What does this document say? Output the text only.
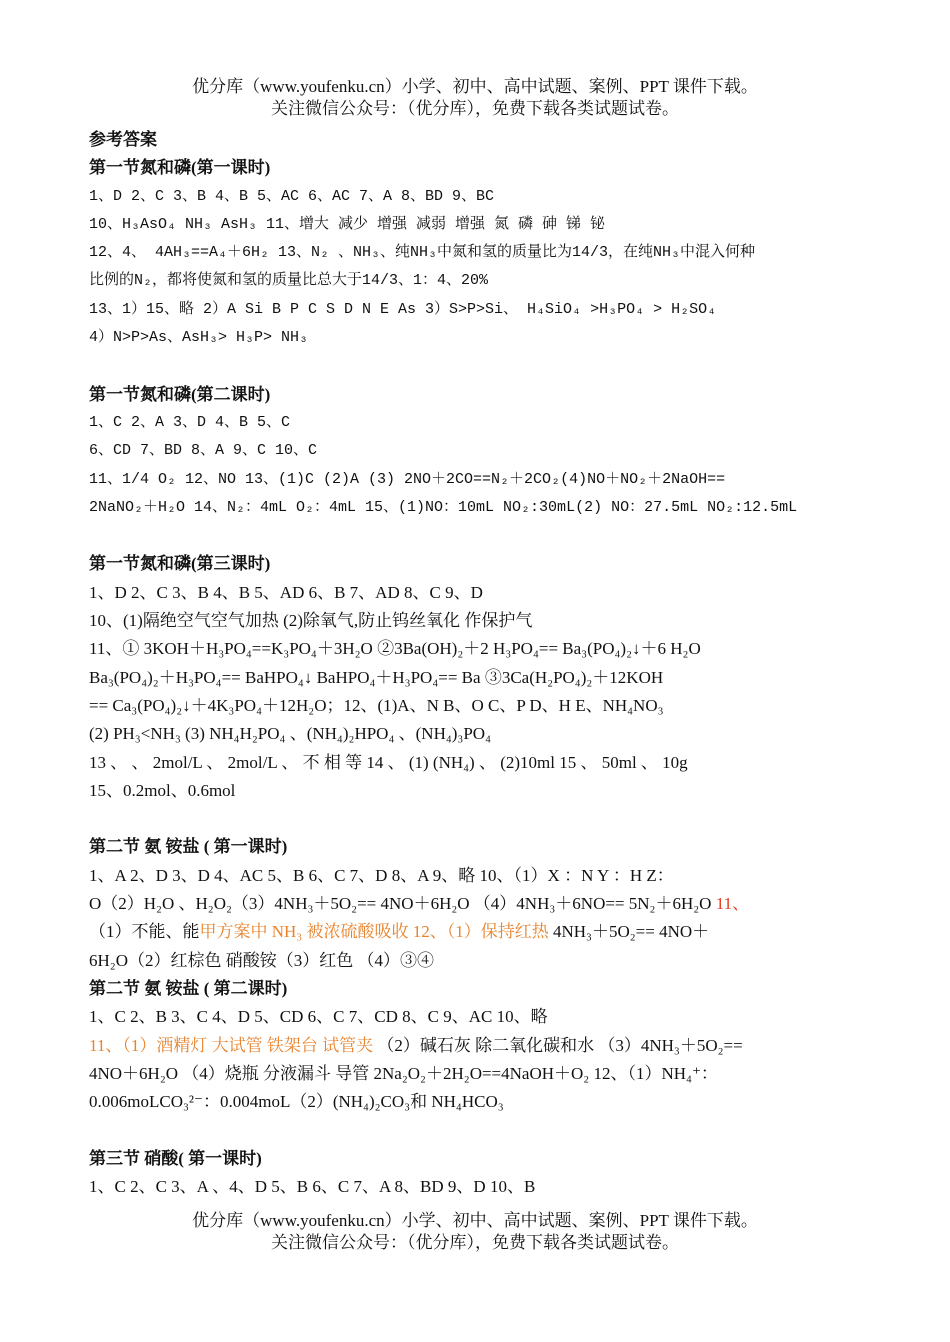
优分库（www.youfenku.cn）小学、初中、高中试题、案例、PPT 课件下载。
关注微信公众号：（优分库），免费下载各类试题试卷。
参考答案
第一节氮和磷(第一课时)
1、D 2、C 3、B 4、B 5、AC 6、AC 7、A 8、BD 9、BC
10、H₃AsO₄ NH₃ AsH₃ 11、增大 减少 增强 减弱 增强 氮 磷 砷 锑 铋
12、4、 4AH₃==A₄＋6H₂ 13、N₂ 、NH₃、纯NH₃中氮和氢的质量比为14/3，在纯NH₃中混入何种
比例的N₂，都将使氮和氢的质量比总大于14/3、1：4、20%
13、1）15、略 2）A Si B P C S D N E As 3）S>P>Si、 H₄SiO₄ >H₃PO₄ > H₂SO₄
4）N>P>As、AsH₃> H₃P> NH₃
第一节氮和磷(第二课时)
1、C 2、A 3、D 4、B 5、C
6、CD 7、BD 8、A 9、C 10、C
11、1/4 O₂ 12、NO 13、(1)C (2)A (3) 2NO＋2CO==N₂＋2CO₂(4)NO＋NO₂＋2NaOH==
2NaNO₂＋H₂O 14、N₂：4mL O₂：4mL 15、(1)NO：10mL NO₂:30mL(2) NO：27.5mL NO₂:12.5mL
第一节氮和磷(第三课时)
1、D 2、C 3、B 4、B 5、AD 6、B 7、AD 8、C 9、D
10、(1)隔绝空气空气加热 (2)除氧气,防止钨丝氧化 作保护气
11、① 3KOH＋H₃PO₄==K₃PO₄＋3H₂O ②3Ba(OH)₂＋2 H₃PO₄== Ba₃(PO₄)₂↓＋6 H₂O
Ba₃(PO₄)₂＋H₃PO₄== BaHPO₄↓ BaHPO₄＋H₃PO₄== Ba ③3Ca(H₂PO₄)₂＋12KOH
== Ca₃(PO₄)₂↓＋4K₃PO₄＋12H₂O；12、(1)A、N B、O C、P D、H E、NH₄NO₃
(2) PH₃<NH₃ (3) NH₄H₂PO₄ 、(NH₄)₂HPO₄ 、(NH₄)₃PO₄
13 、 、 2mol/L 、 2mol/L 、 不 相 等 14 、 (1) (NH₄) 、 (2)10ml 15 、 50ml 、 10g
15、0.2mol、0.6mol
第二节 氨 铵盐 ( 第一课时)
1、A 2、D 3、D 4、AC 5、B 6、C 7、D 8、A 9、略 10、（1）X ：N Y ：H Z：
O（2）H₂O 、H₂O₂（3）4NH₃＋5O₂== 4NO＋6H₂O （4）4NH₃＋6NO== 5N₂＋6H₂O 11、
（1）不能、能甲方案中 NH₃ 被浓硫酸吸收 12、（1）保持红热 4NH₃＋5O₂== 4NO＋
6H₂O（2）红棕色 硝酸铵（3）红色 （4）③④
第二节 氨 铵盐 ( 第二课时)
1、C 2、B 3、C 4、D 5、CD 6、C 7、CD 8、C 9、AC 10、略
11、（1）酒精灯 大试管 铁架台 试管夹 （2）碱石灰 除二氧化碳和水 （3）4NH₃＋5O₂==
4NO＋6H₂O （4）烧瓶 分液漏斗 导管 2Na₂O₂＋2H₂O==4NaOH＋O₂ 12、（1）NH₄⁺：
0.006moLCO₃²⁻：0.004moL（2）(NH₄)₂CO₃和 NH₄HCO₃
第三节 硝酸( 第一课时)
1、C 2、C 3、A 、4、D 5、B 6、C 7、A 8、BD 9、D 10、B
优分库（www.youfenku.cn）小学、初中、高中试题、案例、PPT 课件下载。
关注微信公众号：（优分库），免费下载各类试题试卷。
